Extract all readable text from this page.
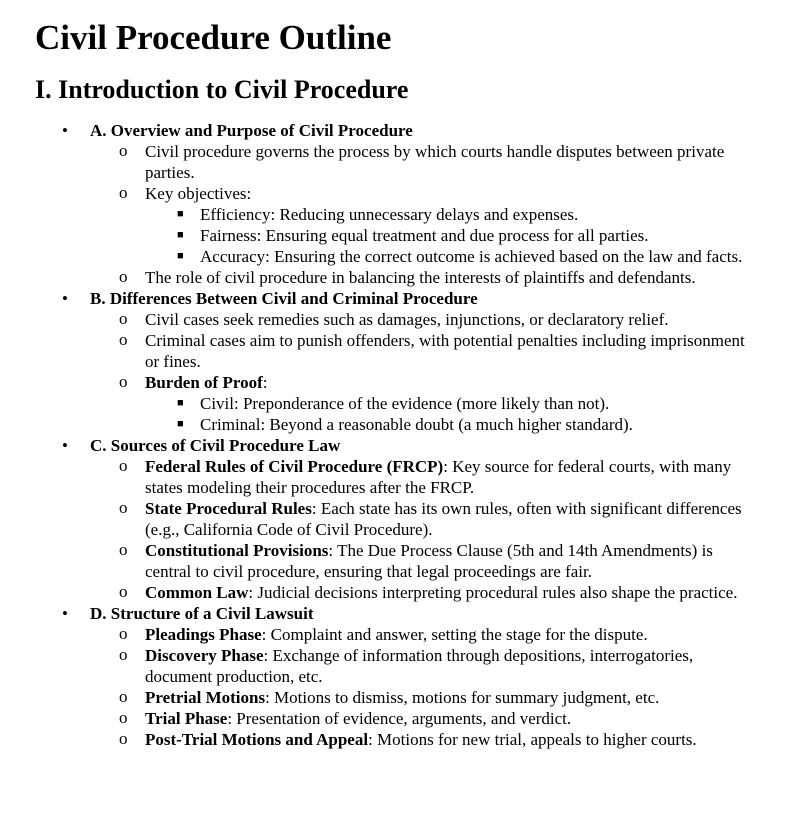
Civil Procedure Outline
I. Introduction to Civil Procedure
• A. Overview and Purpose of Civil Procedure
o Civil procedure governs the process by which courts handle disputes between private parties.
o Key objectives:
■ Efficiency: Reducing unnecessary delays and expenses.
■ Fairness: Ensuring equal treatment and due process for all parties.
■ Accuracy: Ensuring the correct outcome is achieved based on the law and facts.
o The role of civil procedure in balancing the interests of plaintiffs and defendants.
• B. Differences Between Civil and Criminal Procedure
o Civil cases seek remedies such as damages, injunctions, or declaratory relief.
o Criminal cases aim to punish offenders, with potential penalties including imprisonment or fines.
o Burden of Proof:
■ Civil: Preponderance of the evidence (more likely than not).
■ Criminal: Beyond a reasonable doubt (a much higher standard).
• C. Sources of Civil Procedure Law
o Federal Rules of Civil Procedure (FRCP): Key source for federal courts, with many states modeling their procedures after the FRCP.
o State Procedural Rules: Each state has its own rules, often with significant differences (e.g., California Code of Civil Procedure).
o Constitutional Provisions: The Due Process Clause (5th and 14th Amendments) is central to civil procedure, ensuring that legal proceedings are fair.
o Common Law: Judicial decisions interpreting procedural rules also shape the practice.
• D. Structure of a Civil Lawsuit
o Pleadings Phase: Complaint and answer, setting the stage for the dispute.
o Discovery Phase: Exchange of information through depositions, interrogatories, document production, etc.
o Pretrial Motions: Motions to dismiss, motions for summary judgment, etc.
o Trial Phase: Presentation of evidence, arguments, and verdict.
o Post-Trial Motions and Appeal: Motions for new trial, appeals to higher courts.
